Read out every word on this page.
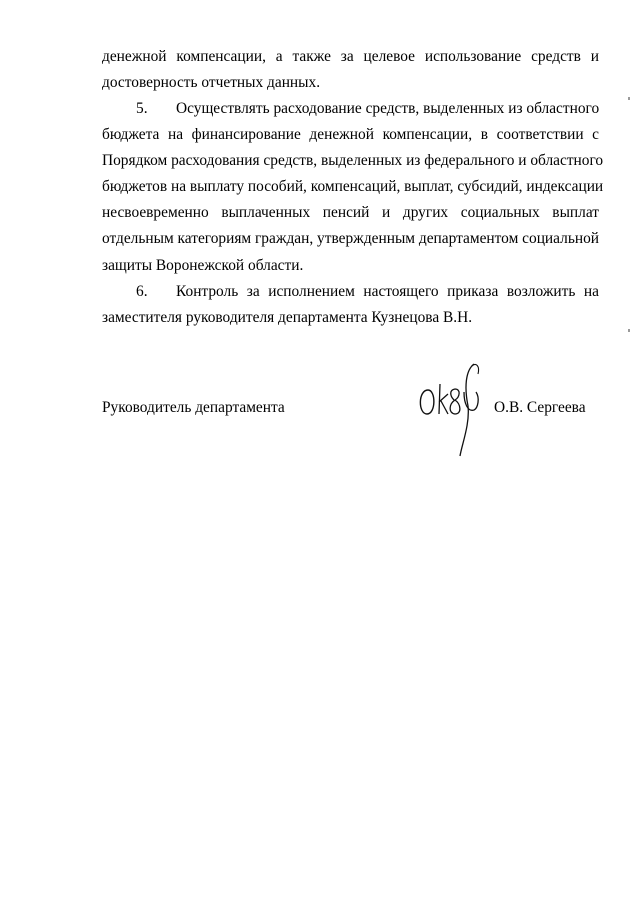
денежной компенсации, а также за целевое использование средств и
достоверность отчетных данных.
5. Осуществлять расходование средств, выделенных из областного
бюджета на финансирование денежной компенсации, в соответствии с
Порядком расходования средств, выделенных из федерального и областного
бюджетов на выплату пособий, компенсаций, выплат, субсидий, индексации
несвоевременно выплаченных пенсий и других социальных выплат
отдельным категориям граждан, утвержденным департаментом социальной
защиты Воронежской области.
6. Контроль за исполнением настоящего приказа возложить на
заместителя руководителя департамента Кузнецова В.Н.
Руководитель департамента	О.В. Сергеева
